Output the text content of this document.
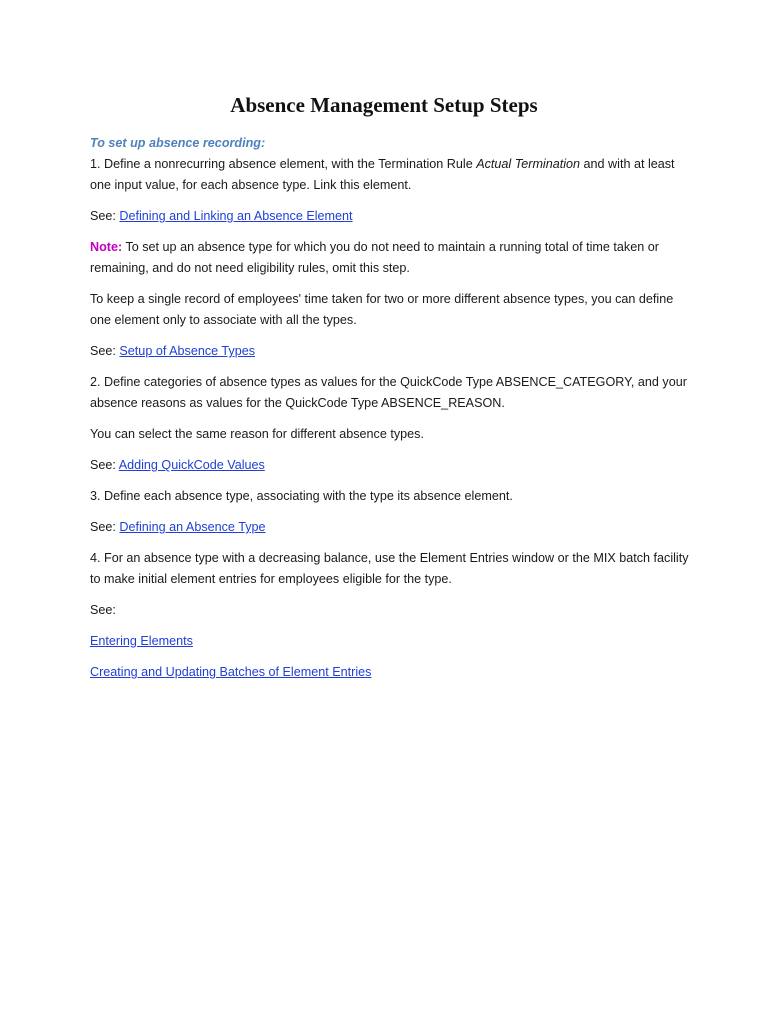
Absence Management Setup Steps

To set up absence recording:

1. Define a nonrecurring absence element, with the Termination Rule Actual Termination and with at least one input value, for each absence type. Link this element.

See: Defining and Linking an Absence Element

Note: To set up an absence type for which you do not need to maintain a running total of time taken or remaining, and do not need eligibility rules, omit this step.

To keep a single record of employees' time taken for two or more different absence types, you can define one element only to associate with all the types.

See: Setup of Absence Types

2. Define categories of absence types as values for the QuickCode Type ABSENCE_CATEGORY, and your absence reasons as values for the QuickCode Type ABSENCE_REASON.

You can select the same reason for different absence types.

See: Adding QuickCode Values

3. Define each absence type, associating with the type its absence element.

See: Defining an Absence Type

4. For an absence type with a decreasing balance, use the Element Entries window or the MIX batch facility to make initial element entries for employees eligible for the type.

See:

Entering Elements

Creating and Updating Batches of Element Entries
